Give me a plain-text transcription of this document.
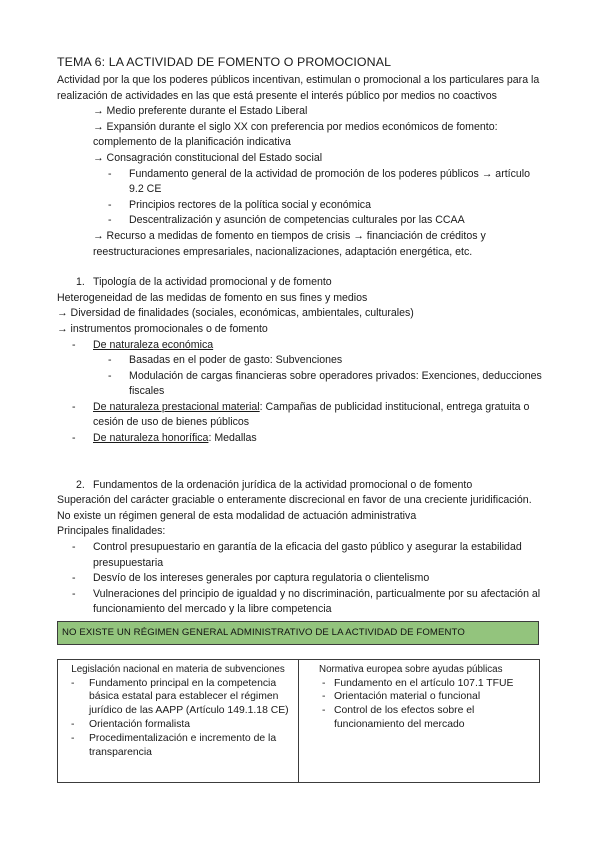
TEMA 6: LA ACTIVIDAD DE FOMENTO O PROMOCIONAL

Actividad por la que los poderes públicos incentivan, estimulan o promocional a los particulares para la realización de actividades en las que está presente el interés público por medios no coactivos

→ Medio preferente durante el Estado Liberal

→ Expansión durante el siglo XX con preferencia por medios económicos de fomento: complemento de la planificación indicativa

→ Consagración constitucional del Estado social

- Fundamento general de la actividad de promoción de los poderes públicos → artículo 9.2 CE
- Principios rectores de la política social y económica
- Descentralización y asunción de competencias culturales por las CCAA

→ Recurso a medidas de fomento en tiempos de crisis → financiación de créditos y reestructuraciones empresariales, nacionalizaciones, adaptación energética, etc.

1. Tipología de la actividad promocional y de fomento

Heterogeneidad de las medidas de fomento en sus fines y medios

→ Diversidad de finalidades (sociales, económicas, ambientales, culturales)

→ instrumentos promocionales o de fomento

- De naturaleza económica
- Basadas en el poder de gasto: Subvenciones
- Modulación de cargas financieras sobre operadores privados: Exenciones, deducciones fiscales
- De naturaleza prestacional material: Campañas de publicidad institucional, entrega gratuita o cesión de uso de bienes públicos
- De naturaleza honorífica: Medallas
2. Fundamentos de la ordenación jurídica de la actividad promocional o de fomento

Superación del carácter graciable o enteramente discrecional en favor de una creciente juridificación. No existe un régimen general de esta modalidad de actuación administrativa

Principales finalidades:

- Control presupuestario en garantía de la eficacia del gasto público y asegurar la estabilidad presupuestaria
- Desvío de los intereses generales por captura regulatoria o clientelismo
- Vulneraciones del principio de igualdad y no discriminación, particualmente por su afectación al funcionamiento del mercado y la libre competencia
NO EXISTE UN RÉGIMEN GENERAL ADMINISTRATIVO DE LA ACTIVIDAD DE FOMENTO
Legislación nacional en materia de subvenciones
- Fundamento principal en la competencia básica estatal para establecer el régimen jurídico de las AAPP (Artículo 149.1.18 CE)
- Orientación formalista
- Procedimentalización e incremento de la transparencia
Normativa europea sobre ayudas públicas
- Fundamento en el artículo 107.1 TFUE
- Orientación material o funcional
- Control de los efectos sobre el funcionamiento del mercado
